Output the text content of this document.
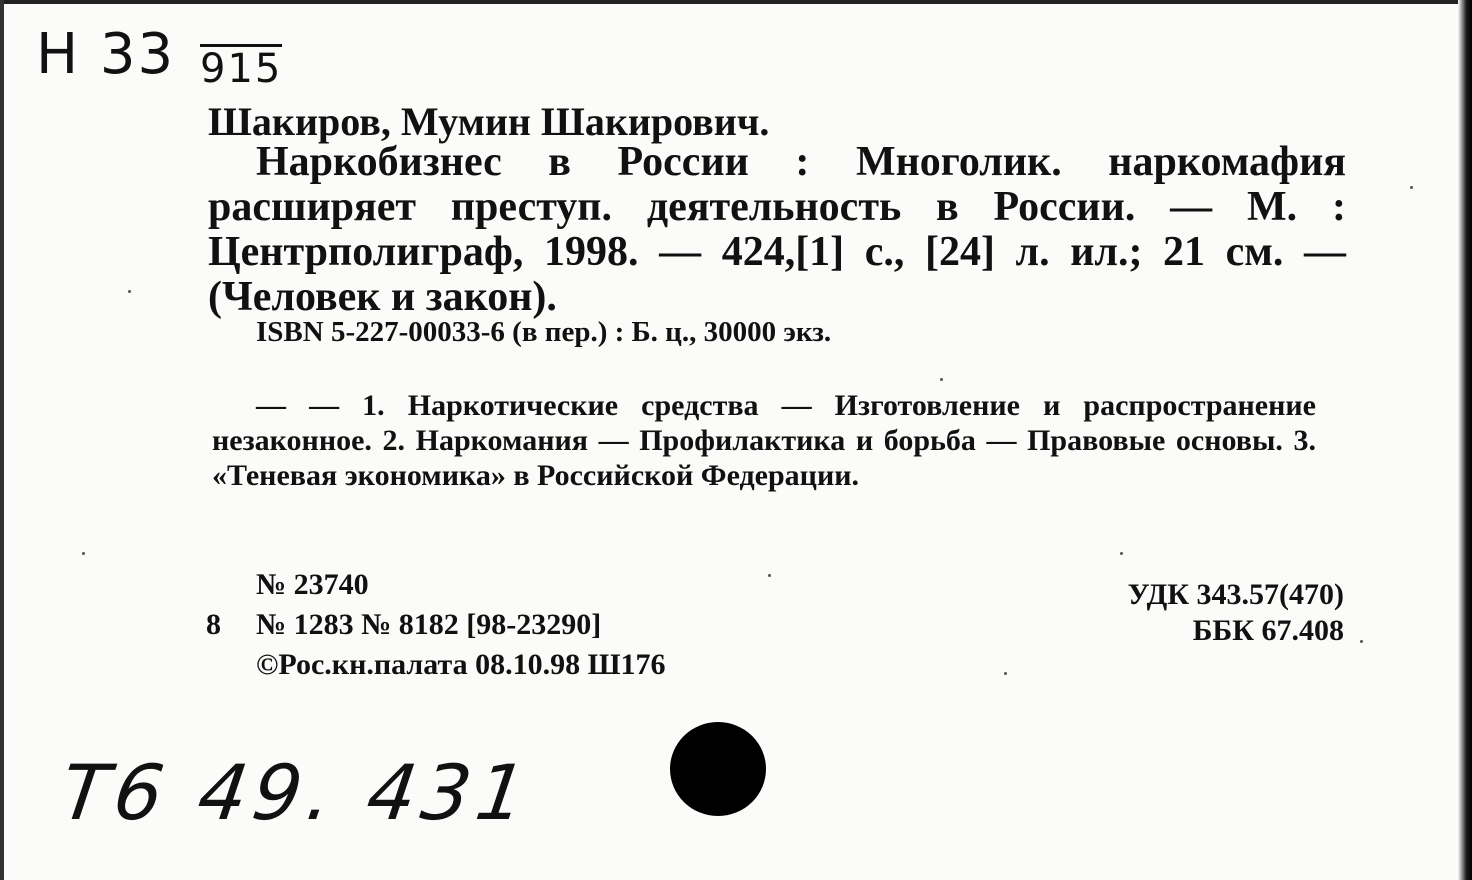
Н 33 915
Шакиров, Мумин Шакирович.
Наркобизнес в России : Многолик. наркомафия расширяет преступ. деятельность в России. — М. : Центрполиграф, 1998. — 424,[1] с., [24] л. ил.; 21 см. — (Человек и закон).
ISBN 5-227-00033-6 (в пер.) : Б. ц., 30000 экз.
— — 1. Наркотические средства — Изготовление и распространение незаконное. 2. Наркомания — Профилактика и борьба — Правовые основы. 3. «Теневая экономика» в Российской Федерации.
№ 23740
8 № 1283 № 8182 [98-23290]
©Рос.кн.палата 08.10.98 Ш176
УДК 343.57(470)
ББК 67.408
Т6 49. 431
